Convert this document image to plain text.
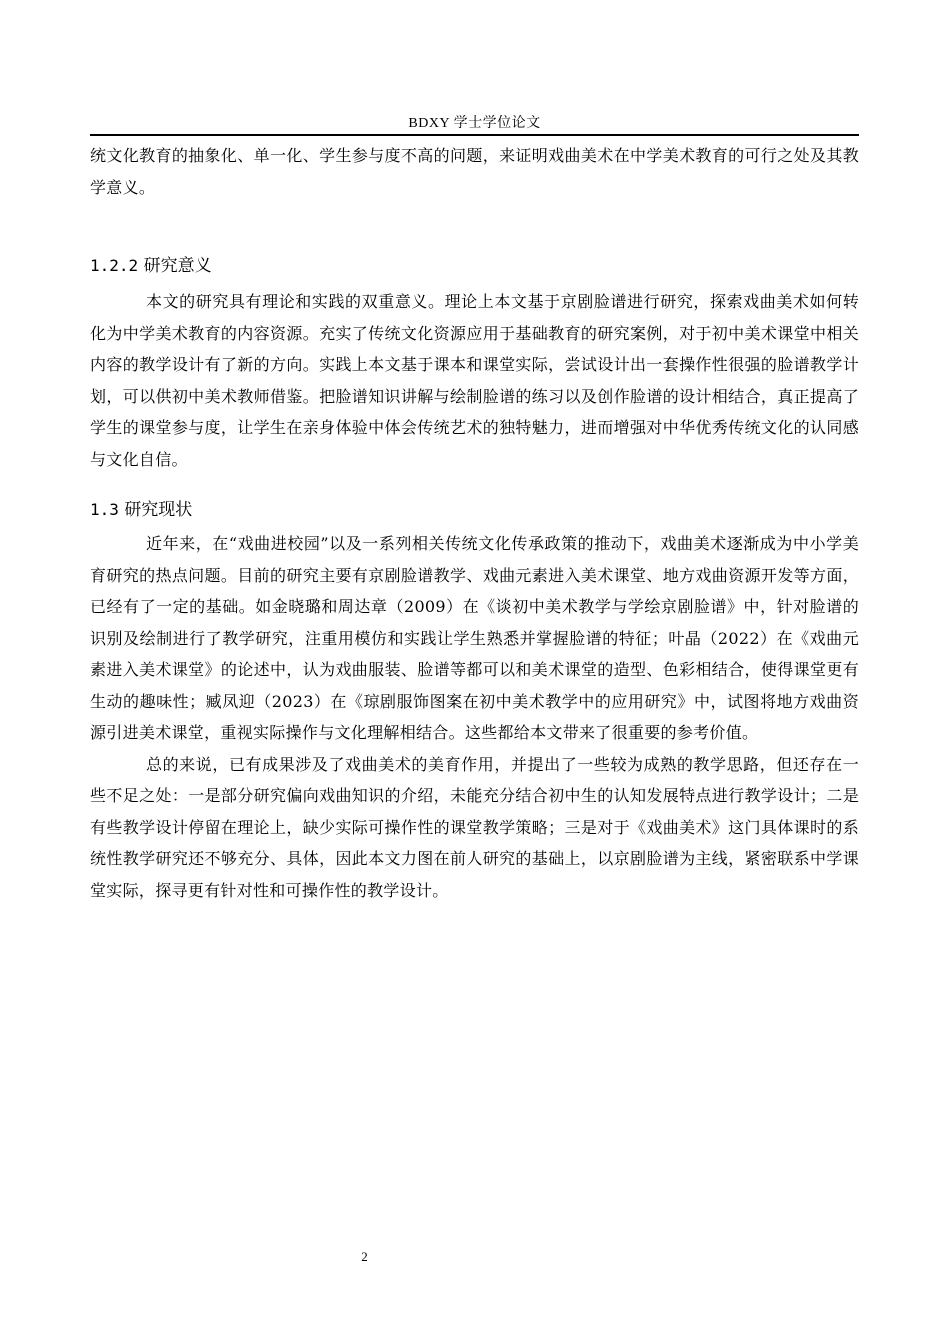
BDXY 学士学位论文

统文化教育的抽象化、单一化、学生参与度不高的问题，来证明戏曲美术在中学美术教育的可行之处及其教学意义。

1.2.2 研究意义

本文的研究具有理论和实践的双重意义。理论上本文基于京剧脸谱进行研究，探索戏曲美术如何转化为中学美术教育的内容资源。充实了传统文化资源应用于基础教育的研究案例，对于初中美术课堂中相关内容的教学设计有了新的方向。实践上本文基于课本和课堂实际，尝试设计出一套操作性很强的脸谱教学计划，可以供初中美术教师借鉴。把脸谱知识讲解与绘制脸谱的练习以及创作脸谱的设计相结合，真正提高了学生的课堂参与度，让学生在亲身体验中体会传统艺术的独特魅力，进而增强对中华优秀传统文化的认同感与文化自信。

1.3 研究现状

近年来，在“戏曲进校园”以及一系列相关传统文化传承政策的推动下，戏曲美术逐渐成为中小学美育研究的热点问题。目前的研究主要有京剧脸谱教学、戏曲元素进入美术课堂、地方戏曲资源开发等方面，已经有了一定的基础。如金晓璐和周达章（2009）在《谈初中美术教学与学绘京剧脸谱》中，针对脸谱的识别及绘制进行了教学研究，注重用模仿和实践让学生熟悉并掌握脸谱的特征；叶晶（2022）在《戏曲元素进入美术课堂》的论述中，认为戏曲服装、脸谱等都可以和美术课堂的造型、色彩相结合，使得课堂更有生动的趣味性；臧凤迎（2023）在《琼剧服饰图案在初中美术教学中的应用研究》中，试图将地方戏曲资源引进美术课堂，重视实际操作与文化理解相结合。这些都给本文带来了很重要的参考价值。

总的来说，已有成果涉及了戏曲美术的美育作用，并提出了一些较为成熟的教学思路，但还存在一些不足之处：一是部分研究偏向戏曲知识的介绍，未能充分结合初中生的认知发展特点进行教学设计；二是有些教学设计停留在理论上，缺少实际可操作性的课堂教学策略；三是对于《戏曲美术》这门具体课时的系统性教学研究还不够充分、具体，因此本文力图在前人研究的基础上，以京剧脸谱为主线，紧密联系中学课堂实际，探寻更有针对性和可操作性的教学设计。

2
